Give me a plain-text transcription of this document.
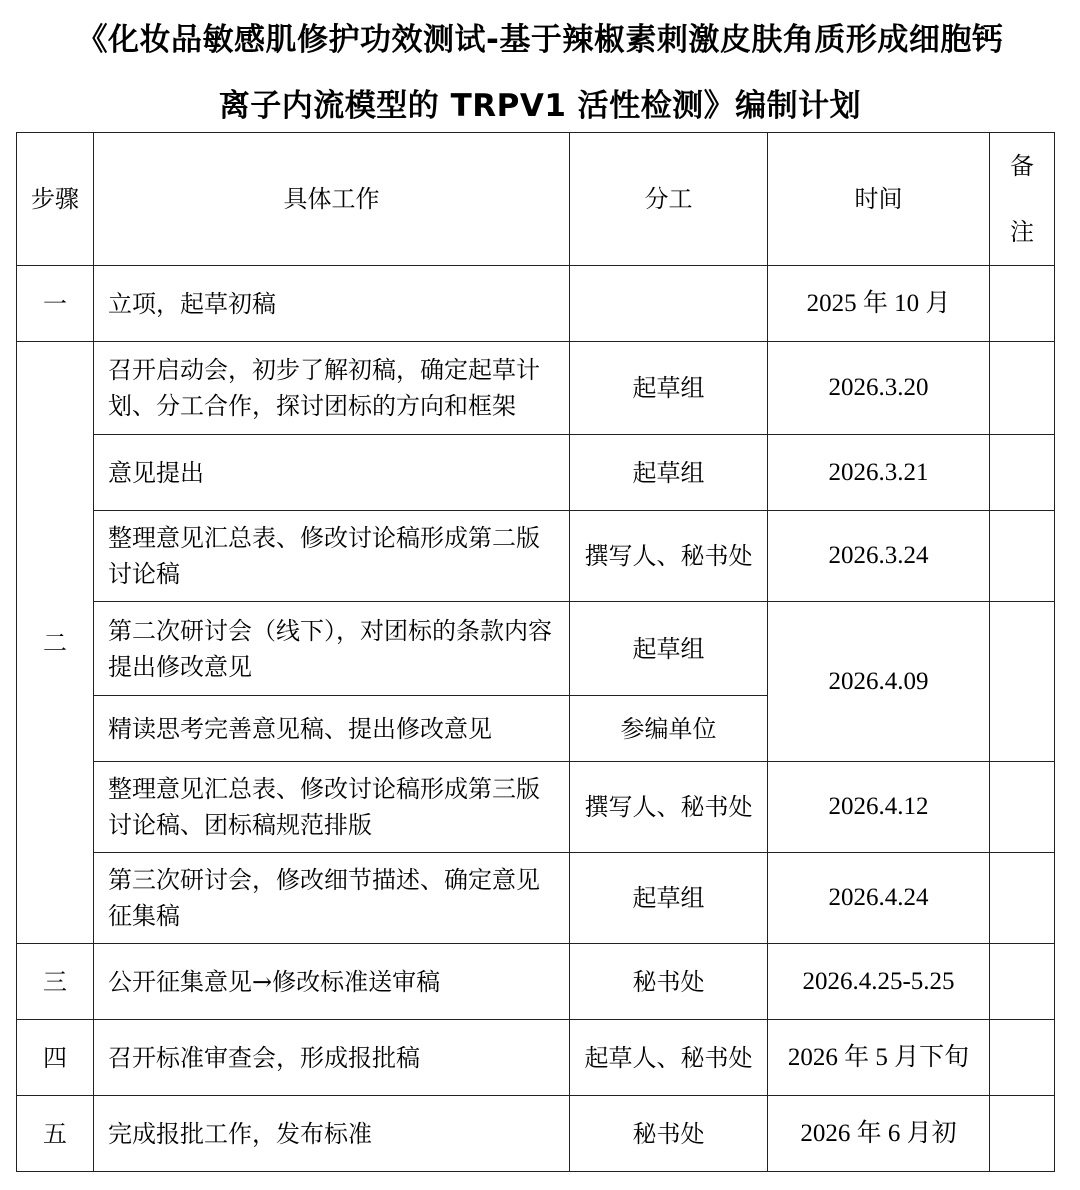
《化妆品敏感肌修护功效测试-基于辣椒素刺激皮肤角质形成细胞钙
离子内流模型的 TRPV1 活性检测》编制计划
步骤	具体工作	分工	时间	备
注

一	立项，起草初稿		2025 年 10 月	
二	召开启动会，初步了解初稿，确定起草计划、分工合作，探讨团标的方向和框架	起草组	2026.3.20	
	意见提出	起草组	2026.3.21	
	整理意见汇总表、修改讨论稿形成第二版讨论稿	撰写人、秘书处	2026.3.24	
	第二次研讨会（线下），对团标的条款内容提出修改意见	起草组	2026.4.09	
	精读思考完善意见稿、提出修改意见	参编单位		
	整理意见汇总表、修改讨论稿形成第三版讨论稿、团标稿规范排版	撰写人、秘书处	2026.4.12	
	第三次研讨会，修改细节描述、确定意见征集稿	起草组	2026.4.24	
三	公开征集意见→修改标准送审稿	秘书处	2026.4.25-5.25	
四	召开标准审查会，形成报批稿	起草人、秘书处	2026 年 5 月下旬	
五	完成报批工作，发布标准	秘书处	2026 年 6 月初	
